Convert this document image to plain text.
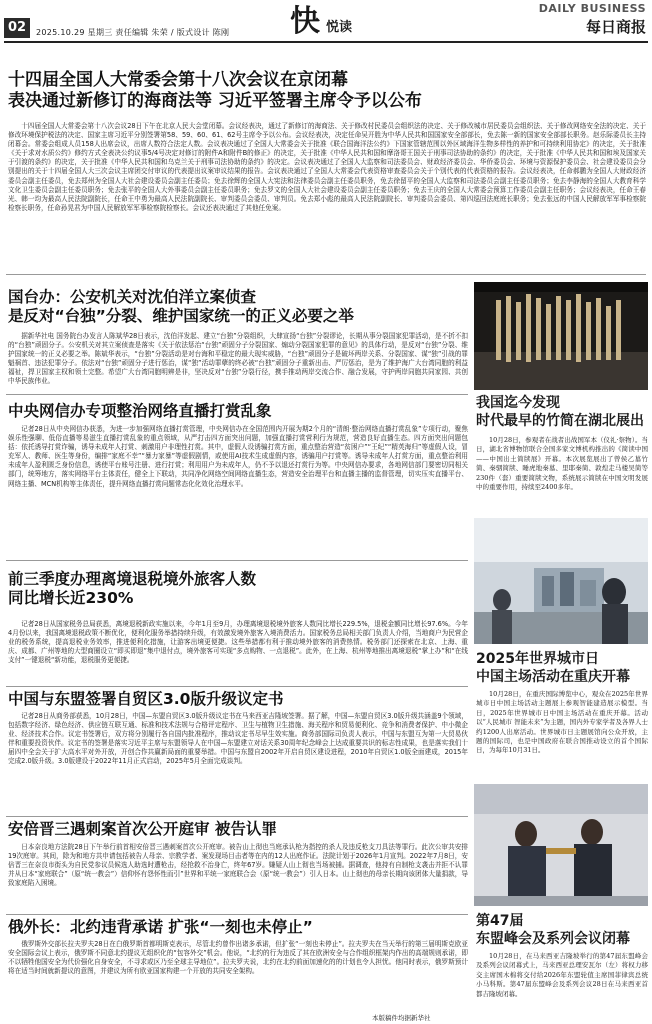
02	2025.10.29 星期三 责任编辑 朱荣 / 版式设计 陈刚 快 悦读
DAILY BUSINESS
每日商报
十四届全国人大常委会第十八次会议在京闭幕
表决通过新修订的海商法等 习近平签署主席令予以公布
十四届全国人大常委会第十八次会议28日下午在北京人民大会堂闭幕。会议经表决，通过了新修订的海商法、关于修改村民委员会组织法的决定、关于修改城市居民委员会组织法、关于修改网络安全法的决定、关于修改环境保护税法的决定、国家主席习近平分别签署第58、59、60、61、62号主席令予以公布。会议经表决，决定任命吴开胜为中华人民共和国国家安全部部长，免去陈一新的国家安全部部长职务。赵乐际委员长主持闭幕会。常委会组成人员158人出席会议，出席人数符合法定人数。会议表决通过了全国人大常委会关于批准《联合国海洋法公约》下国家管辖范围以外区域海洋生物多样性的养护和可持续利用协定》的决定，关于批准《关于求对水质公约》修约方式全表决公约议事5/4号决定对修订的附件A和附件B的修正》的决定，关于批准《中华人民共和国和摩洛哥王国关于刑事司法协助的条约》的决定，关于批准《中华人民共和国和埃及国家关于引渡的条约》的决定，关于批准《中华人民共和国和乌克兰关于刑事司法协助的条约》的决定。会议表决通过了全国人大监察和司法委员会、财政经济委员会、华侨委员会、环境与资源保护委员会、社会建设委员会分别提出的关于十四届全国人大三次会议主席团交付审议的代表提出议案审议结果的报告。会议表决通过了全国人大常委会代表资格审查委员会关于个别代表的代表资格的报告。会议经表决，任命郝鹏为全国人大财政经济委员会副主任委员，免去郑州为全国人大社会建设委员会副主任委员；免去徐辉的全国人大宪法和法律委员会副主任委员职务，免去徐留平的全国人大监察和司法委员会副主任委员职务；免去李静海的全国人大教育科学文化卫生委员会副主任委员职务；免去张平的全国人大外事委员会副主任委员职务；免去罗文的全国人大社会建设委员会副主任委员职务；免去王庆的全国人大常委会预算工作委员会副主任职务；会议经表决，任命王春光、韩一均为最高人民法院副院长，任命王中勇为最高人民法院副院长、审判委员会委员、审判员。免去郑小彪的最高人民法院副院长、审判委员会委员、第四巡回法庭庭长职务；免去张远的中国人民解放军军事检察院检察长职务，任命孙晃君为中国人民解放军军事检察院检察长。会议还表决通过了其他任免案。
国台办：公安机关对沈伯洋立案侦查
是反对“台独”分裂、维护国家统一的正义必要之举
据新华社电 国务院台办发言人陈斌华28日表示，沈伯洋发起、建立“台独”分裂组织，大肆宣扬“台独”分裂谬论，长期从事分裂国家犯罪活动，是不折不扣的“台独”顽固分子。公安机关对其立案侦查是落实《关于依法惩治“台独”顽固分子分裂国家、煽动分裂国家犯罪的意见》的具体行动，是反对“台独”分裂、维护国家统一的正义必要之举。陈斌华表示，“台独”分裂活动是对台海和平稳定的最大现实威胁，“台独”顽固分子是破坏两岸关系、分裂国家、谋“独”引战的罪魁祸首、违法犯罪分子。依法对“台独”顽固分子进行惩治，谋“独”活动罪孽的终必被“台独”顽固分子重新出击、严厉惩治，是为了维护海广大台湾同胞的利益福祉，捍卫国家主权和领土完整。希望广大台湾同胞明辨是非，坚决反对“台独”分裂行径，携手推动两岸交流合作、融合发展，守护两岸同胞共同家园、共创中华民族伟业。
中央网信办专项整治网络直播打赏乱象
记者28日从中央网信办获悉，为进一步加强网络直播打赏管理，中央网信办在全国范围内开展为期2个月的“清朗·整治网络直播打赏乱象”专项行动，聚焦娱乐性强聊、低俗直播等易滋生直播打赏乱象的重点领域，从严打击四方面突出问题，加强直播打赏营利行为规范，营造良好直播生态。四方面突出问题包括：依托诱导打赏诈骗，诱导未成年人打赏、刺激用户非理性打赏。其中，虚假人设诱骗打赏方面，重点整治营造“贫困户”“王纪”“精英海归”等虚假人设，冒充军人、教师、医生等身份，编排“家庭不幸”“暴力家暴”等虚假剧情，或使用AI技术生成虚假内容，诱骗用户打赏等。诱导未成年人打赏方面，重点整治利用未成年人盈利匮乏身份信息，诱使平台账号注册、进行打赏；利用用户为未成年人，仍不予以退还打赏行为等。中央网信办要求，各地网信部门要密切同相关部门，统筹地方，落实网络平台主体责任，健全上下联动，共同净化网络空间网络直播生态，营造安全治理平台和直播主播的监督管理，切实压实直播平台、网络主播、MCN机构等主体责任，提升网络直播打赏问题常态化化效化治理水平。
前三季度办理离境退税境外旅客人数
同比增长近230%
记者28日从国家税务总局获悉，离境退税新政实施以来，今年1月至9月，办理离境退税境外旅客人数同比增长229.5%，退税金额同比增长97.6%。今年4月份以来，我国离境退税政策不断优化，便利化服务举措持续升级，有效激发境外旅客入境消费活力。国家税务总局相关部门负责人介绍，当地商户为民营企业的税务系统，提高退税业务效率，推进便利化措施，让游客出境更便捷。这些举措都有利于推动境外旅客的消费热情。税务部门还探索在北京、上海、重庆、成都、广州等地的大型商圈设立“即买即退”集中退付点，境外旅客可实现“多点购物、一点退税”。此外，在上海、杭州等地推出离境退税“掌上办”和“在线支付”一键退税“新功能，退税服务更便捷。
中国与东盟签署自贸区3.0版升级议定书
记者28日从商务部获悉，10月28日，中国—东盟自贸区3.0版升级议定书在马来西亚吉隆坡签署。据了解，中国—东盟自贸区3.0版升级共涵盖9个领域，包括数字经济、绿色经济、供应链互联互通、标准和技术法规与合格评定程序、卫生与植物卫生措施、海关程序和贸易便利化、竞争和消费者保护、中小微企业、经济技术合作。议定书签署后，双方将分别履行各自国内批准程序，推动议定书尽早生效实施。商务部国际司负责人表示，中国与东盟互为第一大贸易伙伴和重要投资伙伴。议定书的签署是落实习近平主席与东盟领导人在中国—东盟建立对话关系30周年纪念峰会上达成重要共识的标志性成果，也是落实我们十届四中全会关于扩大高水平对外开放，开创合作共赢新局面的重要举措。中国与东盟自2002年开启自贸区建设进程，2010年自贸区1.0版全面建成，2015年完成2.0版升级。3.0版建设于2022年11月正式启动，2025年5月全面完成谈判。
安倍晋三遇刺案首次公开庭审 被告认罪
日本奈良地方法院28日下午举行前首相安倍晋三遇刺案首次公开庭审。被告山上彻也当庭承认枪为指控的杀人及违反枪支刀具法等罪行。此次公审共安排19次庭审。其间，除为和地方共申请包括被告人母亲、宗教学者、案发现场目击者等在内的12人出庭作证。法院计划于2026年1月宣判。2022年7月8日，安倍晋三在奈良市街头为自民党参议员候选人助选时遭枪击，经抢救不治身亡，终年67岁。嫌疑人山上彻也当场被捕。据调查，他持有自制枪支袭击并拒不认罪并从日本“家庭联合”（原“统一教会”）信仰怀有怨怀性而引”世界和平统一家庭联合会（原“统一教会”）引人日本。山上彻也的母亲长期向该团体大量捐款，导致家庭陷入困境。
俄外长：北约违背承诺 扩张“一刻也未停止”
俄罗斯外交部长拉夫罗夫28日在白俄罗斯首都明斯克表示，尽管北约曾作出诸多承诺，但扩张“一刻也未停止”。拉夫罗夫在当天举行的第三届明斯克欧亚安全国际会议上表示，俄罗斯不同意北约提议无组织化的“包容外交”机会。他说，“北约的行为违反了其在欧洲安全与合作组织框架内作出的高端规则承诺，即不以牺牲他国安全为代价强化自身安全，不寻求或区乃至全球主导地位”。拉夫罗夫说，北约在北约前面加速化的的计划也令人担忧。他同时表示，俄罗斯预计将在适当时间就新提议的意图，并建议为所有欧亚国家构建一个开放的共同安全架构。
本版稿件均据新华社
我国迄今发现
时代最早的竹简在湖北展出
10月28日，参观者在战者出战国军本（仪礼·祭物）。当日，湖北省博物馆联合全国多家文博机构推出的《简读中国——中国出土简牍展》开幕。本次展览展出了曾侯乙墓竹简、秦骃简牍、睡虎地秦墓、里耶秦简、敦煌走马楼吴简等230件（套）重要简牍文物，系统展示简牍在中国文明发展中的重要作用，持续至2400多年。
2025年世界城市日
中国主场活动在重庆开幕
10月28日，在重庆国际博览中心，观众在2025年世界城市日中国主场活动主题展上参观智能建造展示模型。当日，2025年世界城市日中国主场活动在重庆开幕。活动以“人民城市 智能未来”为主题，国内外专家学者及各界人士约1200人出席活动。世界城市日主题展馆向公众开放，主题的国际司，也是中国政府在联合国推动设立的首个国际日，为每年10月31日。
第47届
东盟峰会及系列会议闭幕
10月28日，在马来西亚吉隆坡举行的第47届东盟峰会及系列会议闭幕式上，马来西亚总理安瓦尔（左）将权力移交主席国木棉将交付给2026年东盟轮值主席国菲律宾总统小马科斯。第47届东盟峰会及系列会议28日在马来西亚首都吉隆坡闭幕。
